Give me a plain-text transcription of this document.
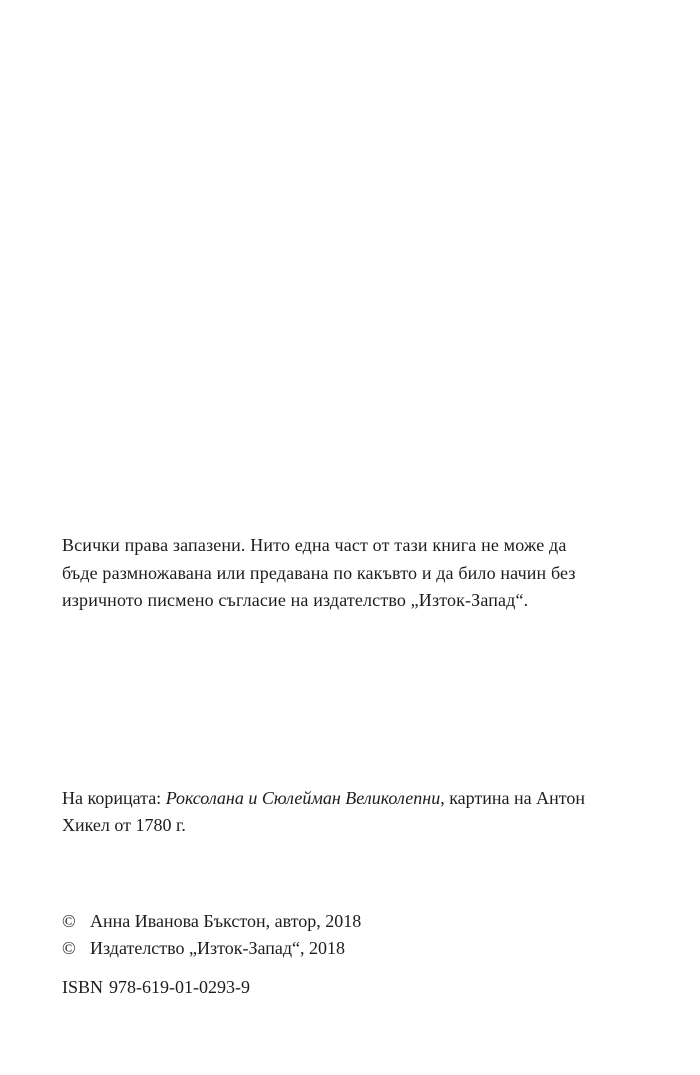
Всички права запазени. Нито една част от тази книга не може да
бъде размножавана или предавана по какъвто и да било начин без
изричното писмено съгласие на издателство „Изток-Запад“.
На корицата: Роксолана и Сюлейман Великолепни, картина на Антон
Хикел от 1780 г.
© Анна Иванова Бъкстон, автор, 2018
© Издателство „Изток-Запад“, 2018
ISBN 978-619-01-0293-9
